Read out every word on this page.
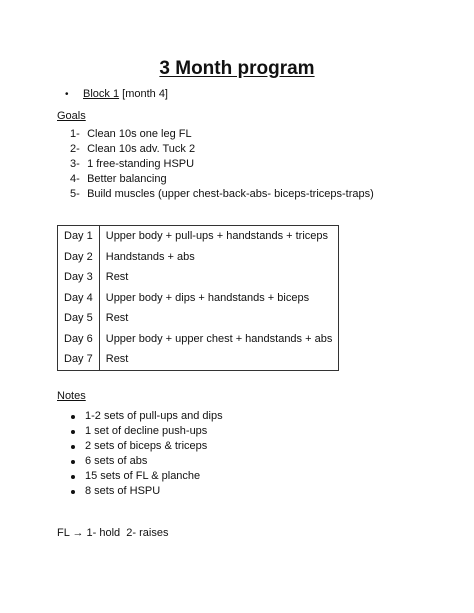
3 Month program
• Block 1 [month 4]
Goals
1- Clean 10s one leg FL
2- Clean 10s adv. Tuck 2
3- 1 free-standing HSPU
4- Better balancing
5- Build muscles (upper chest-back-abs- biceps-triceps-traps)
Day 1	Upper body + pull-ups + handstands + triceps
Day 2	Handstands + abs
Day 3	Rest
Day 4	Upper body + dips + handstands + biceps
Day 5	Rest
Day 6	Upper body + upper chest + handstands + abs
Day 7	Rest
Notes
1-2 sets of pull-ups and dips
1 set of decline push-ups
2 sets of biceps & triceps
6 sets of abs
15 sets of FL & planche
8 sets of HSPU
FL → 1- hold  2- raises
